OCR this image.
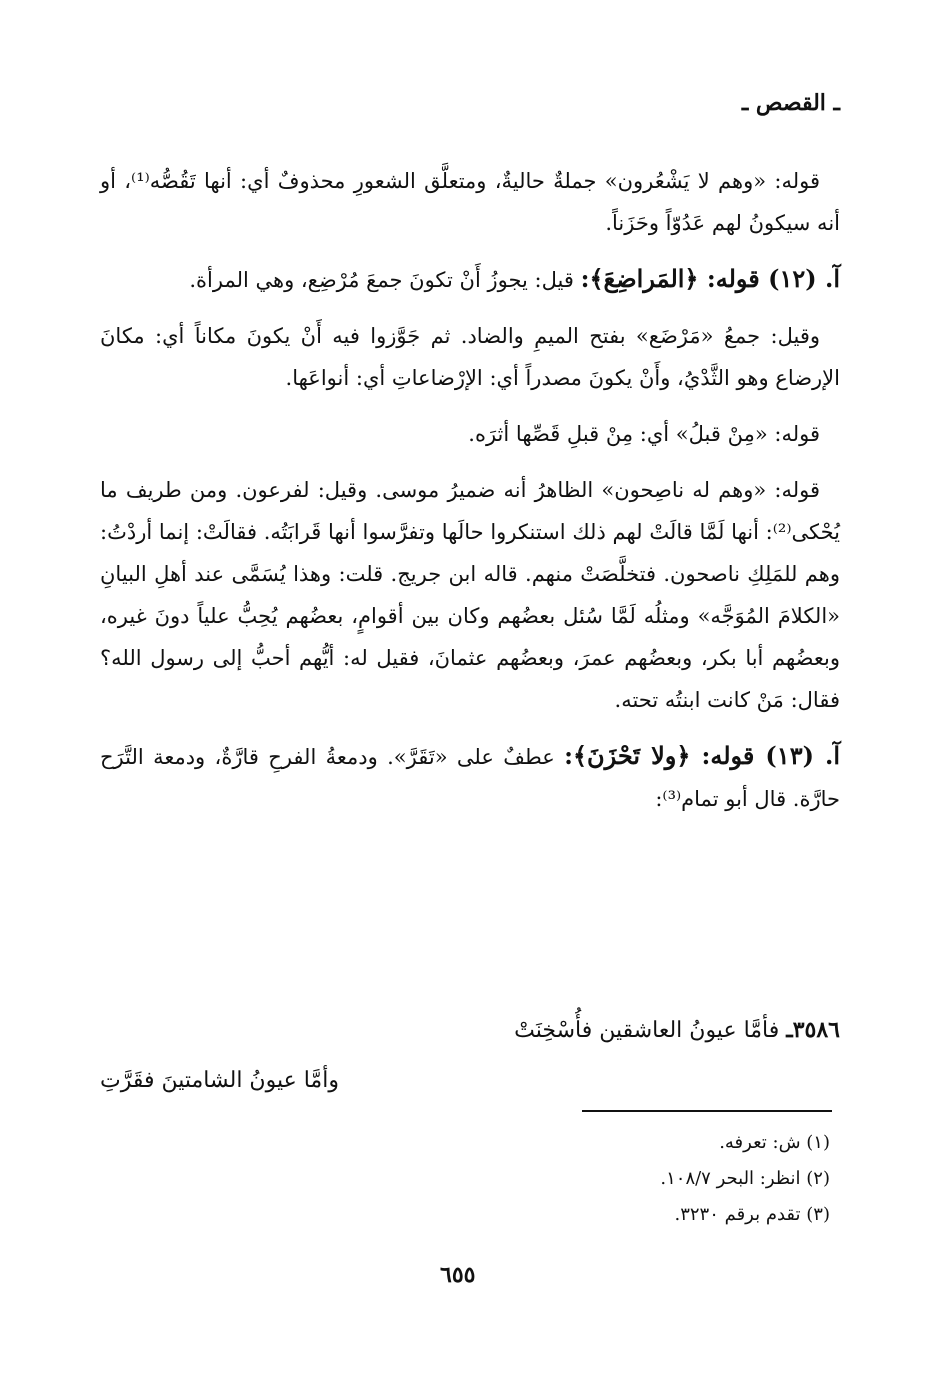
ـ القصص ـ

قوله: «وهم لا يَشْعُرون» جملةٌ حاليةٌ، ومتعلَّق الشعورِ محذوفٌ أي: أنها تَقُصُّه⁽¹⁾، أو أنه سيكونُ لهم عَدُوّاً وحَزَناً.

آ. (١٢) قوله: ﴿المَراضِعَ﴾: قيل: يجوزُ أَنْ تكونَ جمعَ مُرْضِع، وهي المرأة.

وقيل: جمعُ «مَرْضَع» بفتح الميمِ والضاد. ثم جَوَّزوا فيه أَنْ يكونَ مكاناً أي: مكانَ الإرضاع وهو الثَّدْيُ، وأَنْ يكونَ مصدراً أي: الإرْضاعاتِ أي: أنواعَها.

قوله: «مِنْ قبلُ» أي: مِنْ قبلِ قَصِّها أثرَه.

قوله: «وهم له ناصِحون» الظاهرُ أنه ضميرُ موسى. وقيل: لفرعون. ومن طريف ما يُحْكى⁽²⁾: أنها لَمَّا قالَتْ لهم ذلك استنكروا حالَها وتفرَّسوا أنها قَرابَتُه. فقالَتْ: إنما أردْتُ: وهم للمَلِكِ ناصحون. فتخلَّصَتْ منهم. قاله ابن جريج. قلت: وهذا يُسَمَّى عند أهلِ البيانِ «الكلامَ المُوَجَّه» ومثلُه لَمَّا سُئل بعضُهم وكان بين أقوامٍ، بعضُهم يُحِبُّ علياً دونَ غيره، وبعضُهم أبا بكر، وبعضُهم عمرَ، وبعضُهم عثمانَ، فقيل له: أيُّهم أحبُّ إلى رسول الله؟ فقال: مَنْ كانت ابنتُه تحته.

آ. (١٣) قوله: ﴿ولا تَحْزَنَ﴾: عطفٌ على «تَقَرَّ». ودمعةُ الفرحِ قارَّةٌ، ودمعة التَّرَح حارَّة. قال أبو تمام⁽³⁾:

٣٥٨٦ـ فأمَّا عيونُ العاشقين فأُسْخِنَتْ
وأمَّا عيونُ الشامتينَ فقَرَّتِ
(١) ش: تعرفه.
(٢) انظر: البحر ١٠٨/٧.
(٣) تقدم برقم ٣٢٣٠.
٦٥٥
